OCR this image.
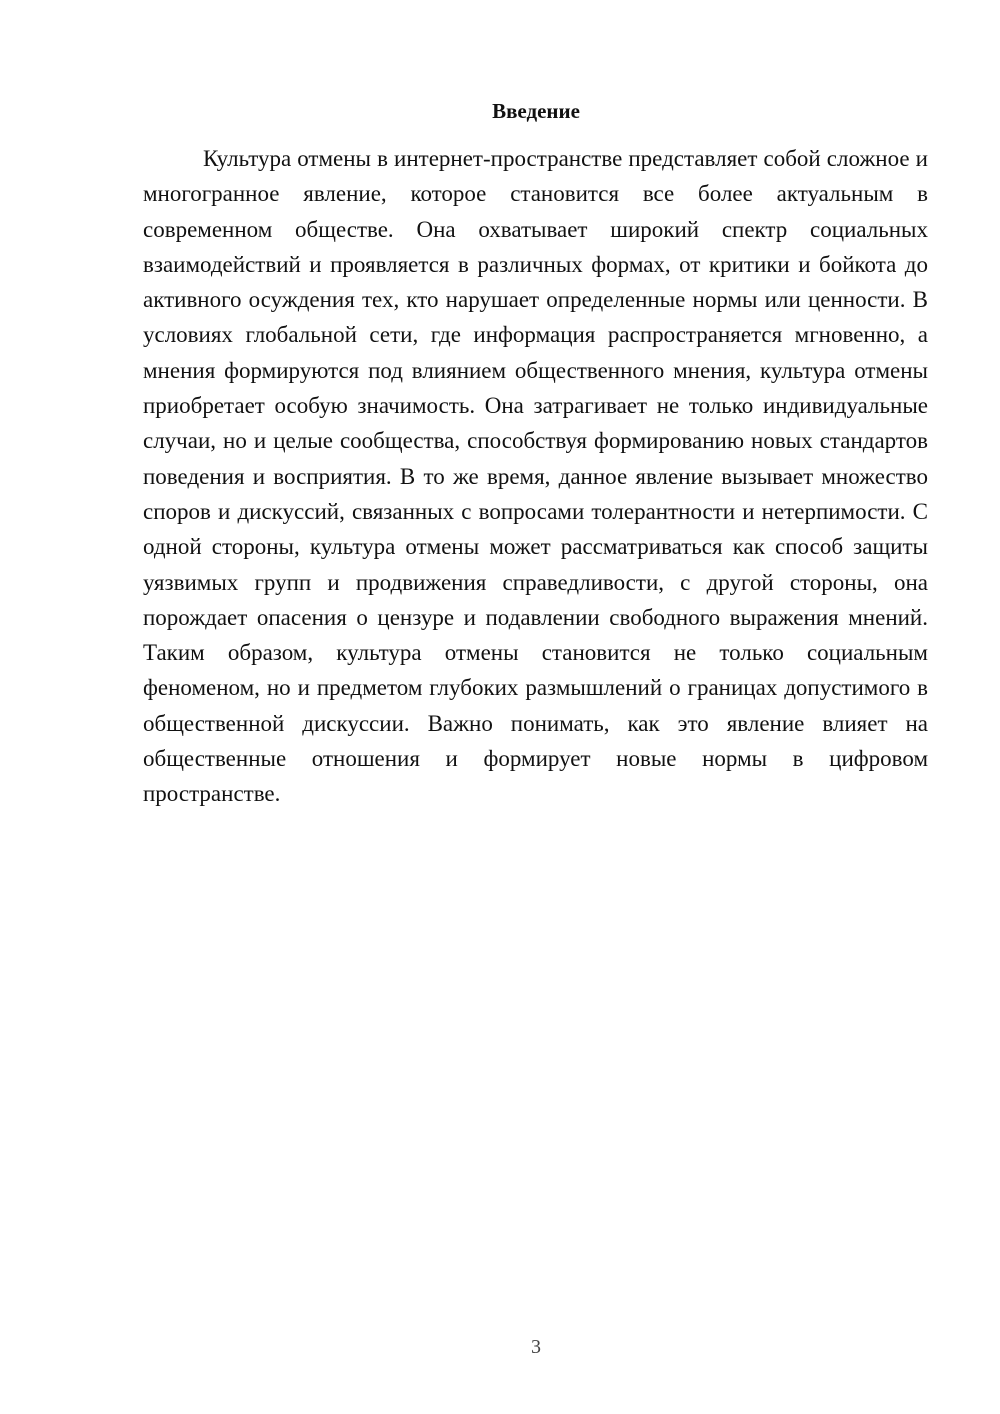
Введение

Культура отмены в интернет-пространстве представляет собой сложное и многогранное явление, которое становится все более актуальным в современном обществе. Она охватывает широкий спектр социальных взаимодействий и проявляется в различных формах, от критики и бойкота до активного осуждения тех, кто нарушает определенные нормы или ценности. В условиях глобальной сети, где информация распространяется мгновенно, а мнения формируются под влиянием общественного мнения, культура отмены приобретает особую значимость. Она затрагивает не только индивидуальные случаи, но и целые сообщества, способствуя формированию новых стандартов поведения и восприятия. В то же время, данное явление вызывает множество споров и дискуссий, связанных с вопросами толерантности и нетерпимости. С одной стороны, культура отмены может рассматриваться как способ защиты уязвимых групп и продвижения справедливости, с другой стороны, она порождает опасения о цензуре и подавлении свободного выражения мнений. Таким образом, культура отмены становится не только социальным феноменом, но и предметом глубоких размышлений о границах допустимого в общественной дискуссии. Важно понимать, как это явление влияет на общественные отношения и формирует новые нормы в цифровом пространстве.

3
